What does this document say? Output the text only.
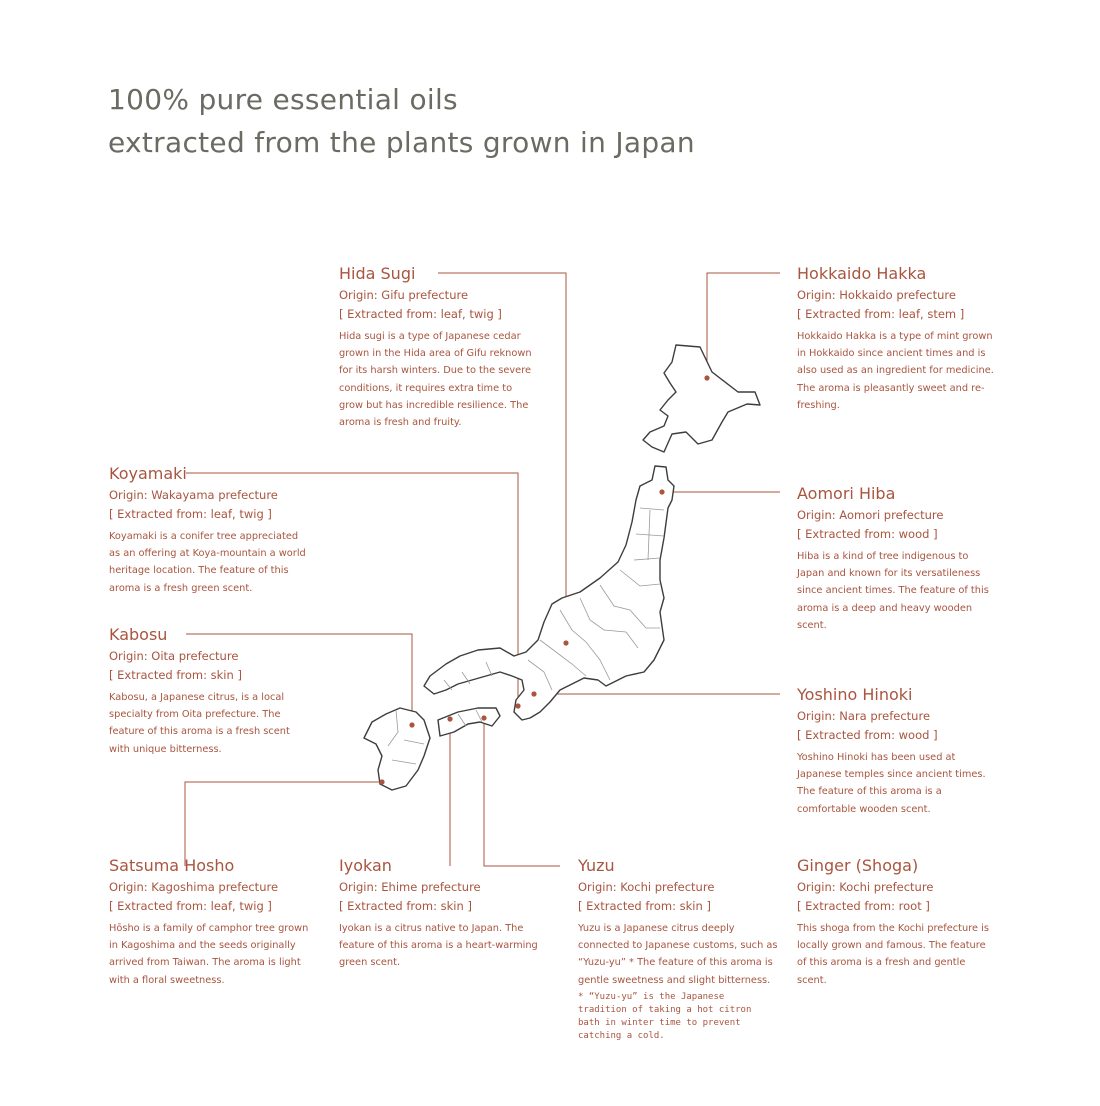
100% pure essential oils
extracted from the plants grown in Japan
Hida Sugi
Origin: Gifu prefecture
[ Extracted from: leaf, twig ]
Hida sugi is a type of Japanese cedar grown in the Hida area of Gifu reknown for its harsh winters. Due to the severe conditions, it requires extra time to grow but has incredible resilience. The aroma is fresh and fruity.
Hokkaido Hakka
Origin: Hokkaido prefecture
[ Extracted from: leaf, stem ]
Hokkaido Hakka is a type of mint grown in Hokkaido since ancient times and is also used as an ingredient for medicine. The aroma is pleasantly sweet and re-freshing.
Koyamaki
Origin: Wakayama prefecture
[ Extracted from: leaf, twig ]
Koyamaki is a conifer tree appreciated as an offering at Koya-mountain a world heritage location. The feature of this aroma is a fresh green scent.
Aomori Hiba
Origin: Aomori prefecture
[ Extracted from: wood ]
Hiba is a kind of tree indigenous to Japan and known for its versatileness since ancient times. The feature of this aroma is a deep and heavy wooden scent.
Kabosu
Origin: Oita prefecture
[ Extracted from: skin ]
Kabosu, a Japanese citrus, is a local specialty from Oita prefecture. The feature of this aroma is a fresh scent with unique bitterness.
Yoshino Hinoki
Origin: Nara prefecture
[ Extracted from: wood ]
Yoshino Hinoki has been used at Japanese temples since ancient times. The feature of this aroma is a comfortable wooden scent.
Satsuma Hosho
Origin: Kagoshima prefecture
[ Extracted from: leaf, twig ]
Hōsho is a family of camphor tree grown in Kagoshima and the seeds originally arrived from Taiwan. The aroma is light with a floral sweetness.
Iyokan
Origin: Ehime prefecture
[ Extracted from: skin ]
Iyokan is a citrus native to Japan. The feature of this aroma is a heart-warming green scent.
Yuzu
Origin: Kochi prefecture
[ Extracted from: skin ]
Yuzu is a Japanese citrus deeply connected to Japanese customs, such as “Yuzu-yu” * The feature of this aroma is gentle sweetness and slight bitterness.
* “Yuzu-yu” is the Japanese tradition of taking a hot citron bath in winter time to prevent catching a cold.
Ginger (Shoga)
Origin: Kochi prefecture
[ Extracted from: root ]
This shoga from the Kochi prefecture is locally grown and famous. The feature of this aroma is a fresh and gentle scent.
